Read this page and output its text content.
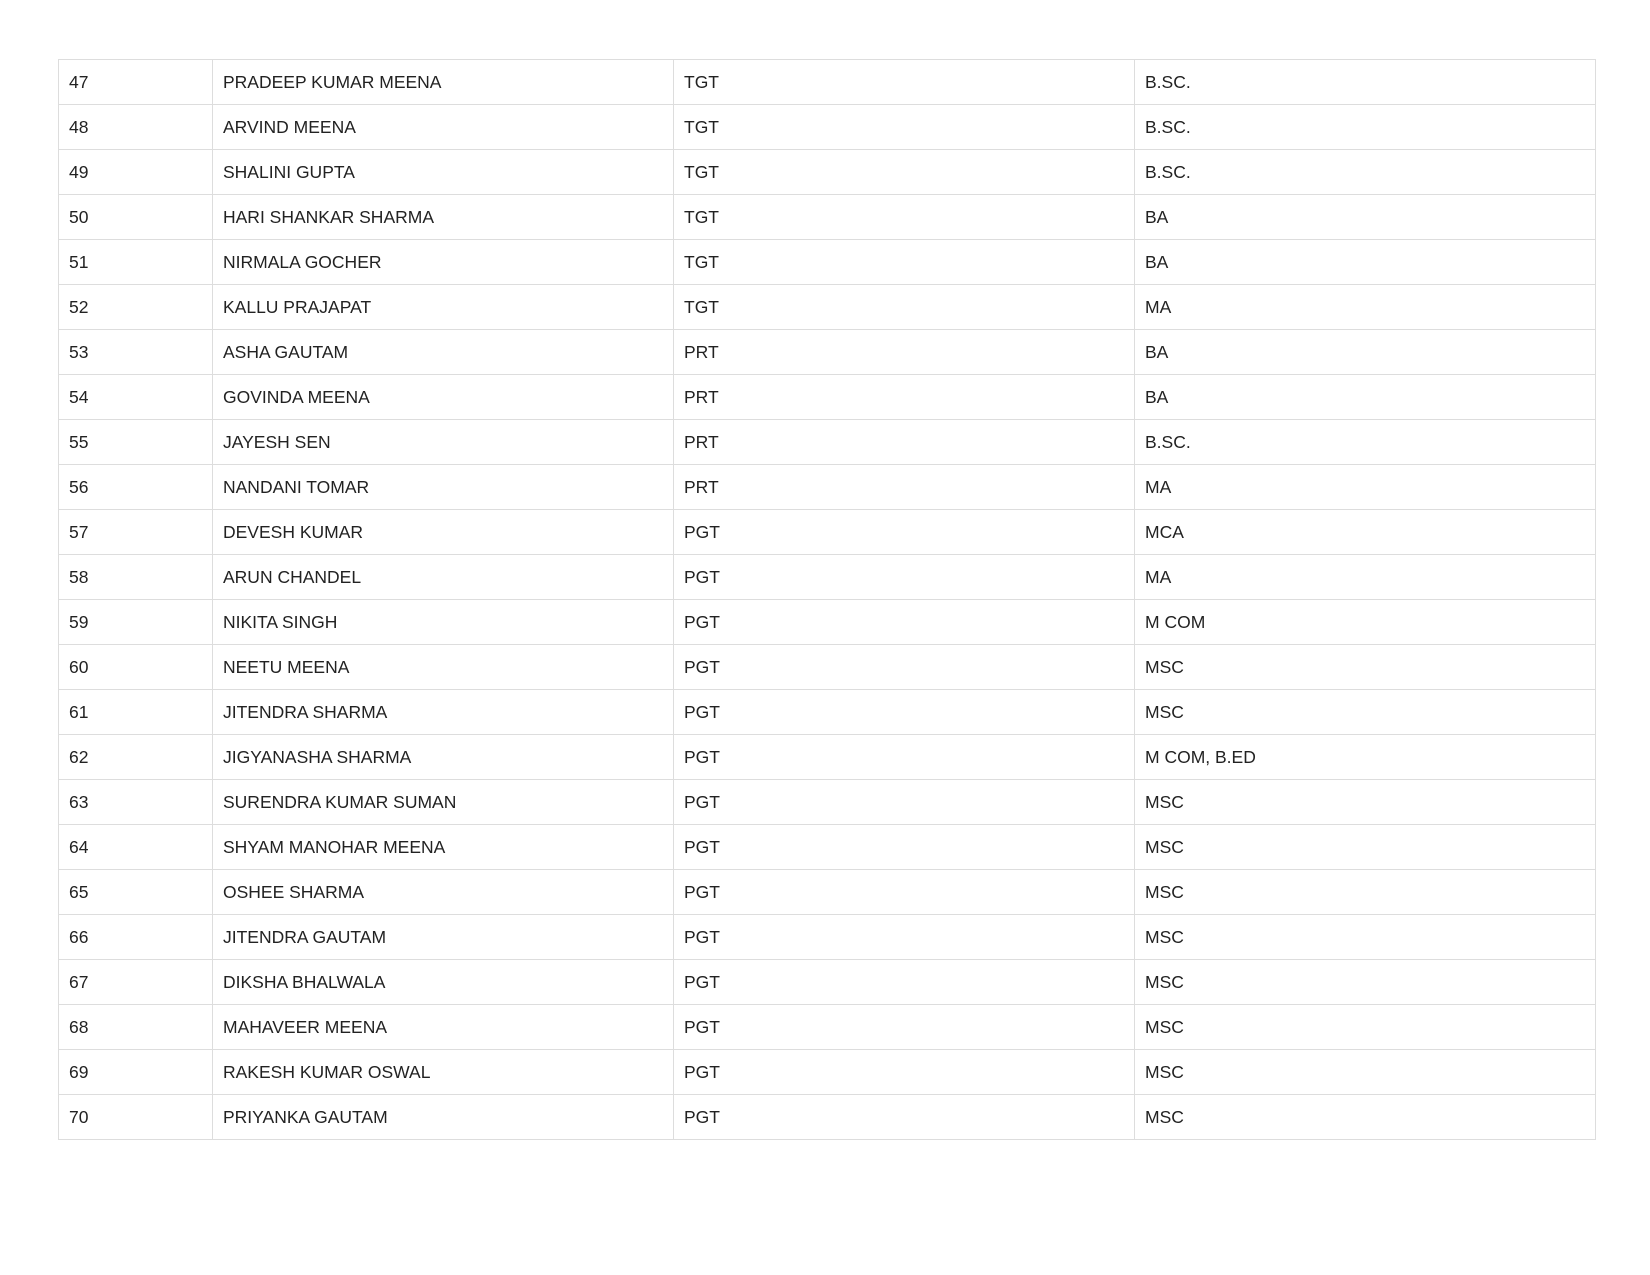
47	PRADEEP KUMAR MEENA	TGT	B.SC.
48	ARVIND MEENA	TGT	B.SC.
49	SHALINI GUPTA	TGT	B.SC.
50	HARI SHANKAR SHARMA	TGT	BA
51	NIRMALA GOCHER	TGT	BA
52	KALLU PRAJAPAT	TGT	MA
53	ASHA GAUTAM	PRT	BA
54	GOVINDA MEENA	PRT	BA
55	JAYESH SEN	PRT	B.SC.
56	NANDANI TOMAR	PRT	MA
57	DEVESH KUMAR	PGT	MCA
58	ARUN CHANDEL	PGT	MA
59	NIKITA SINGH	PGT	M COM
60	NEETU MEENA	PGT	MSC
61	JITENDRA SHARMA	PGT	MSC
62	JIGYANASHA SHARMA	PGT	M COM, B.ED
63	SURENDRA KUMAR SUMAN	PGT	MSC
64	SHYAM MANOHAR MEENA	PGT	MSC
65	OSHEE SHARMA	PGT	MSC
66	JITENDRA GAUTAM	PGT	MSC
67	DIKSHA BHALWALA	PGT	MSC
68	MAHAVEER MEENA	PGT	MSC
69	RAKESH KUMAR OSWAL	PGT	MSC
70	PRIYANKA GAUTAM	PGT	MSC
